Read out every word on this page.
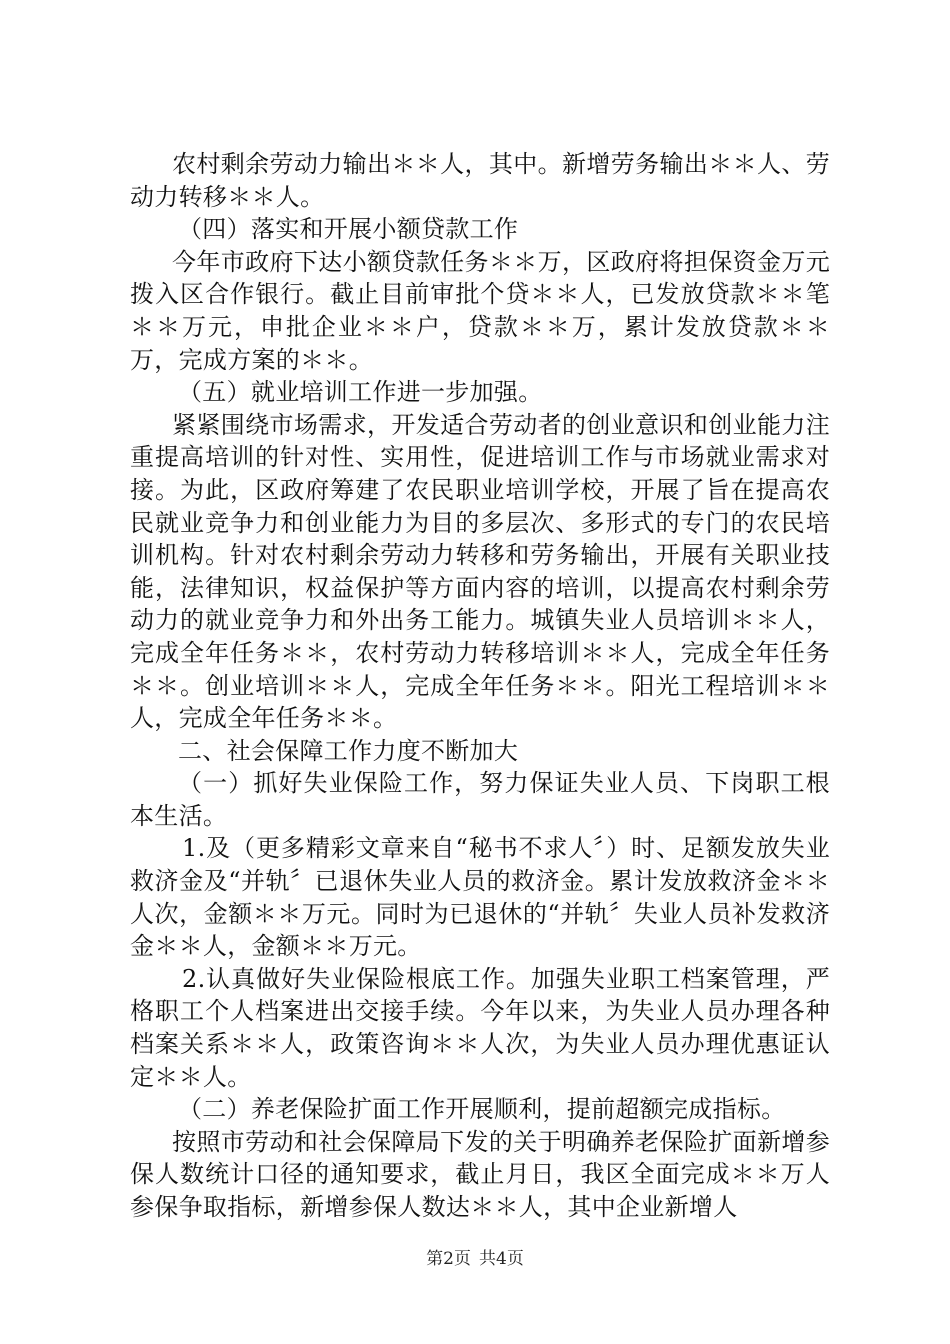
农村剩余劳动力输出＊＊人，其中。新增劳务输出＊＊人、劳动力转移＊＊人。

（四）落实和开展小额贷款工作

今年市政府下达小额贷款任务＊＊万，区政府将担保资金万元拨入区合作银行。截止目前审批个贷＊＊人，已发放贷款＊＊笔＊＊万元，申批企业＊＊户，贷款＊＊万，累计发放贷款＊＊万，完成方案的＊＊。

（五）就业培训工作进一步加强。

紧紧围绕市场需求，开发适合劳动者的创业意识和创业能力注重提高培训的针对性、实用性，促进培训工作与市场就业需求对接。为此，区政府筹建了农民职业培训学校，开展了旨在提高农民就业竞争力和创业能力为目的多层次、多形式的专门的农民培训机构。针对农村剩余劳动力转移和劳务输出，开展有关职业技能，法律知识，权益保护等方面内容的培训，以提高农村剩余劳动力的就业竞争力和外出务工能力。城镇失业人员培训＊＊人，完成全年任务＊＊，农村劳动力转移培训＊＊人，完成全年任务＊＊。创业培训＊＊人，完成全年任务＊＊。阳光工程培训＊＊人，完成全年任务＊＊。

二、社会保障工作力度不断加大

（一）抓好失业保险工作，努力保证失业人员、下岗职工根本生活。

1.及（更多精彩文章来自“秘书不求人〞）时、足额发放失业救济金及“并轨〞已退休失业人员的救济金。累计发放救济金＊＊人次，金额＊＊万元。同时为已退休的“并轨〞失业人员补发救济金＊＊人，金额＊＊万元。

2.认真做好失业保险根底工作。加强失业职工档案管理，严格职工个人档案进出交接手续。今年以来，为失业人员办理各种档案关系＊＊人，政策咨询＊＊人次，为失业人员办理优惠证认定＊＊人。

（二）养老保险扩面工作开展顺利，提前超额完成指标。

按照市劳动和社会保障局下发的关于明确养老保险扩面新增参保人数统计口径的通知要求，截止月日，我区全面完成＊＊万人参保争取指标，新增参保人数达＊＊人，其中企业新增人

第2页 共4页
